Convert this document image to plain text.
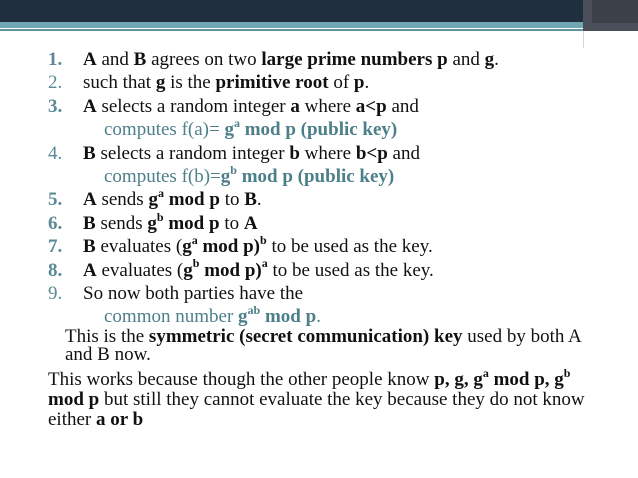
1. A and B agrees on two large prime numbers p and g.
2. such that g is the primitive root of p.
3. A selects a random integer a where a<p and
computes $f(a)= g^a$ mod p (public key)
4. B selects a random integer b where b<p and
computes $f(b)=g^b$ mod p (public key)
5. A sends $g^a$ mod p to B.
6. B sends $g^b$ mod p to A
7. B evaluates ($g^a$ mod p)$^b$ to be used as the key.
8. A evaluates ($g^b$ mod p)$^a$ to be used as the key.
9. So now both parties have the
common number $g^{ab}$ mod p.
This is the symmetric (secret communication) key used by both A and B now.
This works because though the other people know p, g, $g^a$ mod p, $g^b$ mod p but still they cannot evaluate the key because they do not know either a or b
